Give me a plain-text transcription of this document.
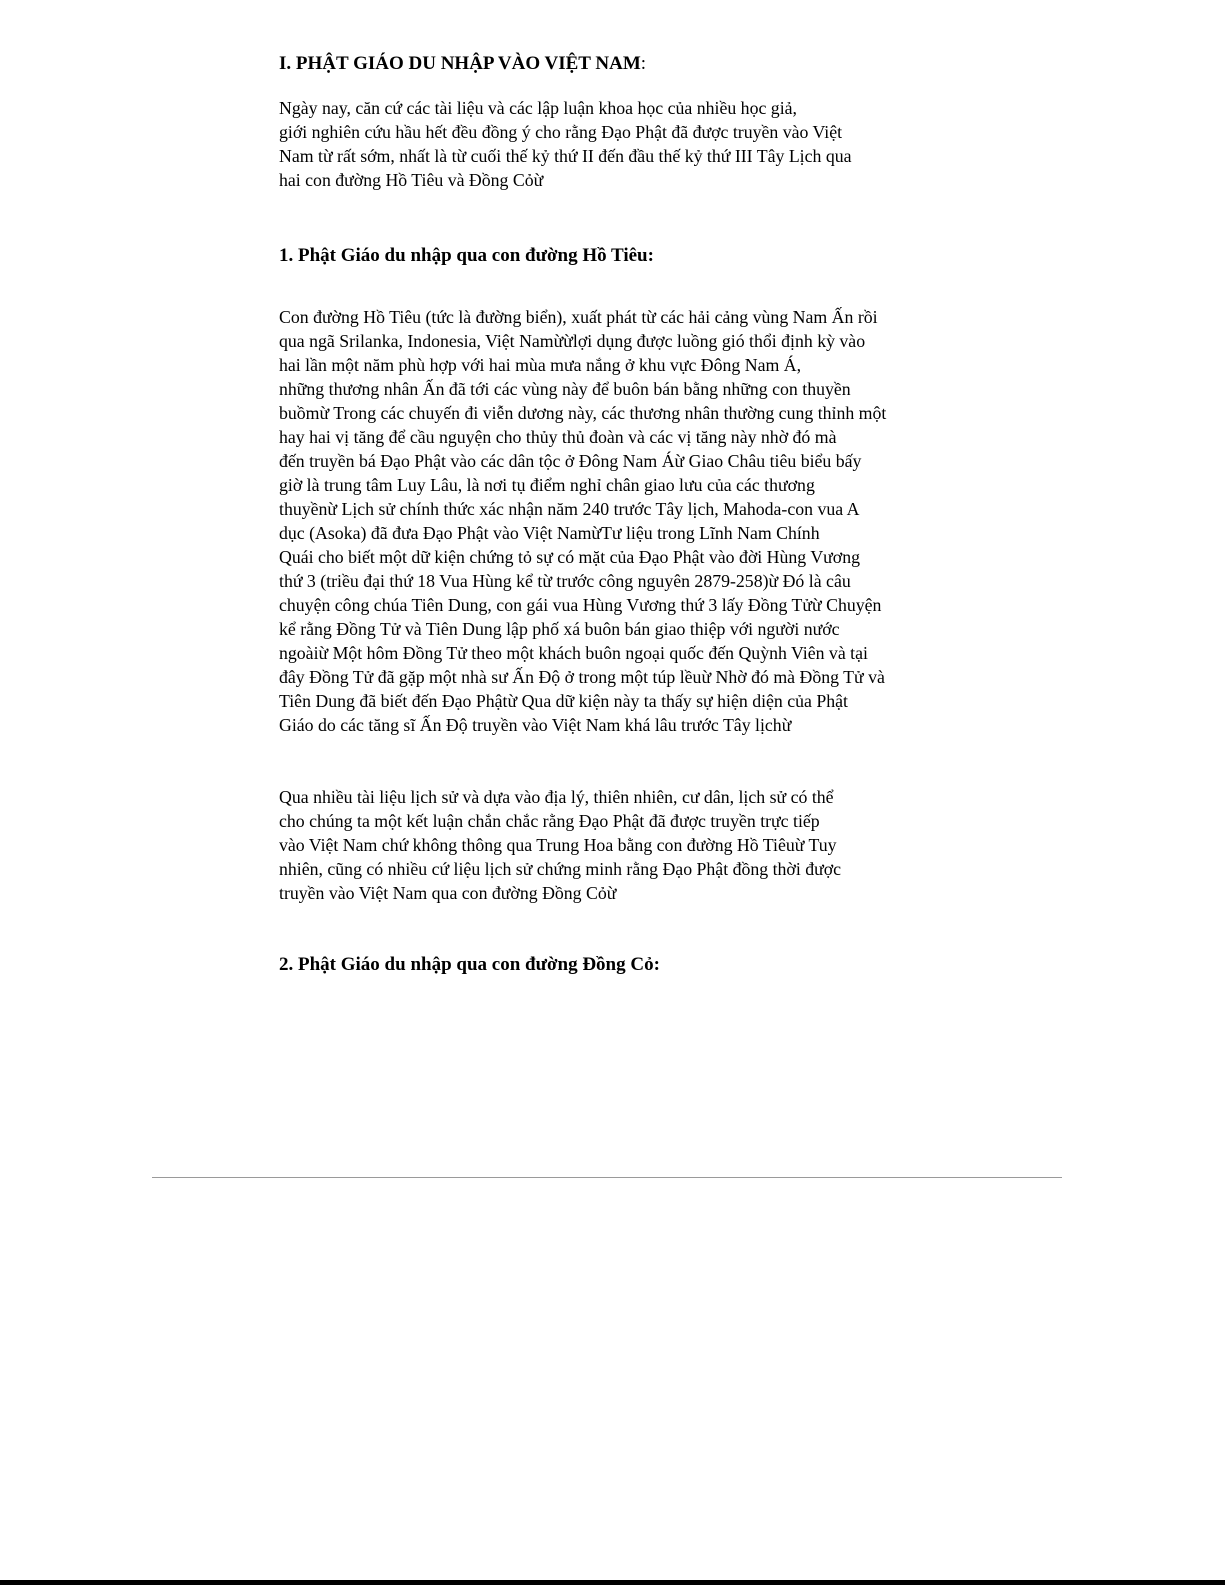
I. PHẬT GIÁO DU NHẬP VÀO VIỆT NAM:

Ngày nay, căn cứ các tài liệu và các lập luận khoa học của nhiều học giả,
giới nghiên cứu hầu hết đều đồng ý cho rằng Đạo Phật đã được truyền vào Việt
Nam từ rất sớm, nhất là từ cuối thế kỷ thứ II đến đầu thế kỷ thứ III Tây Lịch qua
hai con đường Hồ Tiêu và Đồng Cỏừ

1. Phật Giáo du nhập qua con đường Hồ Tiêu:

Con đường Hồ Tiêu (tức là đường biển), xuất phát từ các hải cảng vùng Nam Ấn rồi
qua ngã Srilanka, Indonesia, Việt Namừừlợi dụng được luồng gió thổi định kỳ vào
hai lần một năm phù hợp với hai mùa mưa nắng ở khu vực Đông Nam Á,
những thương nhân Ấn đã tới các vùng này để buôn bán bằng những con thuyền
buồmừ Trong các chuyến đi viễn dương này, các thương nhân thường cung thỉnh một
hay hai vị tăng để cầu nguyện cho thủy thủ đoàn và các vị tăng này nhờ đó mà
đến truyền bá Đạo Phật vào các dân tộc ở Đông Nam Áừ Giao Châu tiêu biểu bấy
giờ là trung tâm Luy Lâu, là nơi tụ điểm nghỉ chân giao lưu của các thương
thuyềnừ Lịch sử chính thức xác nhận năm 240 trước Tây lịch, Mahoda-con vua A
dục (Asoka) đã đưa Đạo Phật vào Việt NamừTư liệu trong Lĩnh Nam Chính
Quái cho biết một dữ kiện chứng tỏ sự có mặt của Đạo Phật vào đời Hùng Vương
thứ 3 (triều đại thứ 18 Vua Hùng kể từ trước công nguyên 2879-258)ừ Đó là câu
chuyện công chúa Tiên Dung, con gái vua Hùng Vương thứ 3 lấy Đồng Tửừ Chuyện
kể rằng Đồng Tử và Tiên Dung lập phố xá buôn bán giao thiệp với người nước
ngoàiừ Một hôm Đồng Tử theo một khách buôn ngoại quốc đến Quỳnh Viên và tại
đây Đồng Tử đã gặp một nhà sư Ấn Độ ở trong một túp lềuừ Nhờ đó mà Đồng Tử và
Tiên Dung đã biết đến Đạo Phậtừ Qua dữ kiện này ta thấy sự hiện diện của Phật
Giáo do các tăng sĩ Ấn Độ truyền vào Việt Nam khá lâu trước Tây lịchừ

Qua nhiều tài liệu lịch sử và dựa vào địa lý, thiên nhiên, cư dân, lịch sử có thể
cho chúng ta một kết luận chắn chắc rằng Đạo Phật đã được truyền trực tiếp
vào Việt Nam chứ không thông qua Trung Hoa bằng con đường Hồ Tiêuừ Tuy
nhiên, cũng có nhiều cứ liệu lịch sử chứng minh rằng Đạo Phật đồng thời được
truyền vào Việt Nam qua con đường Đồng Cỏừ

2. Phật Giáo du nhập qua con đường Đồng Cỏ:
